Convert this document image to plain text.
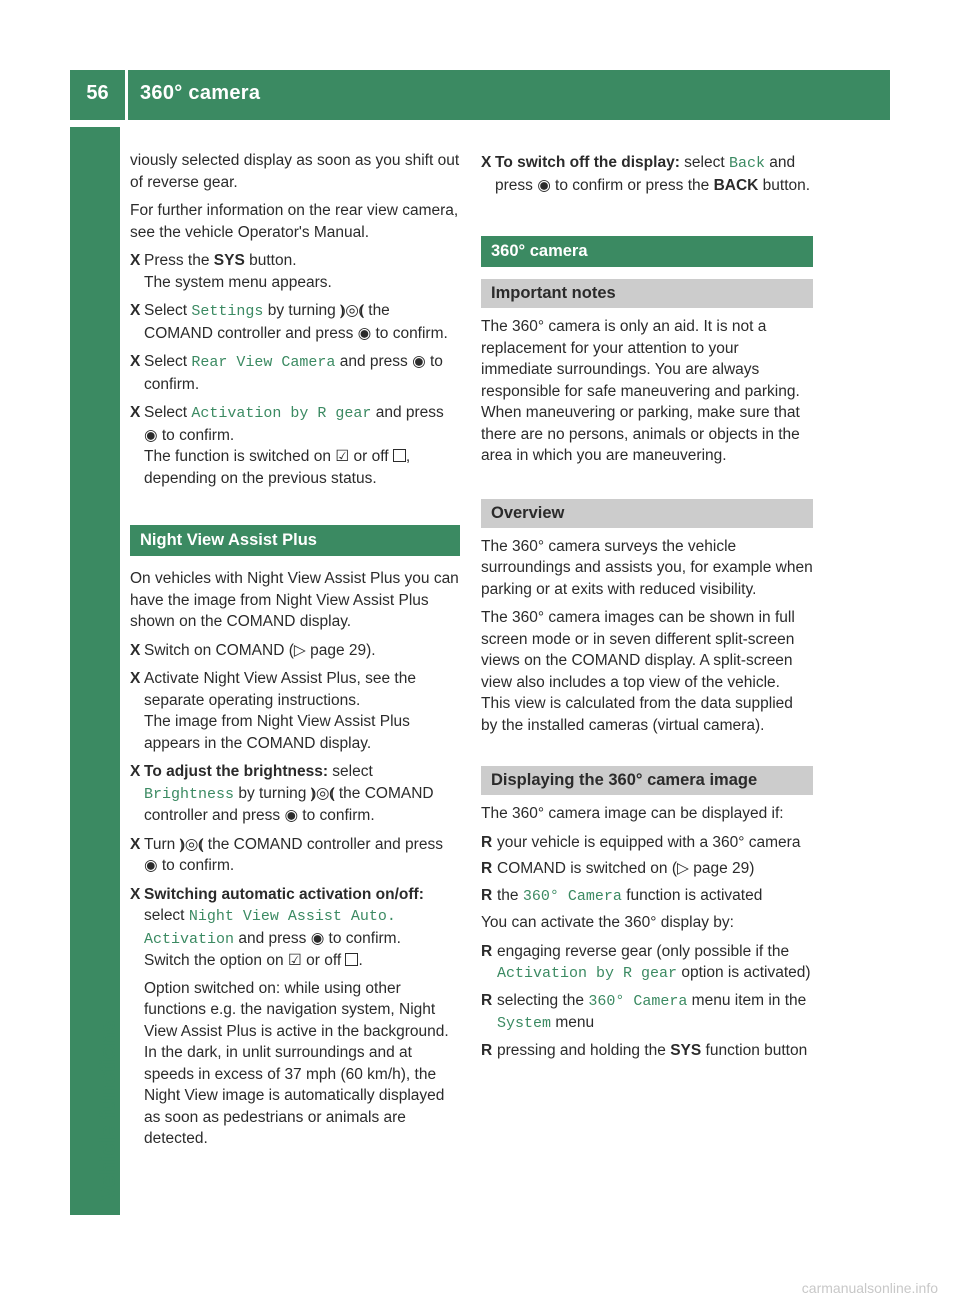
56	360° camera
Vehicle functions

viously selected display as soon as you shift out of reverse gear.

For further information on the rear view camera, see the vehicle Operator's Manual.

X Press the SYS button.
The system menu appears.
X Select Settings by turning ⦆◎⦅ the COMAND controller and press ◉ to confirm.
X Select Rear View Camera and press ◉ to confirm.
X Select Activation by R gear and press ◉ to confirm.
The function is switched on ☑ or off ,
depending on the previous status.
Night View Assist Plus

On vehicles with Night View Assist Plus you can have the image from Night View Assist Plus shown on the COMAND display.

X Switch on COMAND (▷ page 29).
X Activate Night View Assist Plus, see the separate operating instructions.
The image from Night View Assist Plus appears in the COMAND display.
X To adjust the brightness: select Brightness by turning ⦆◎⦅ the COMAND controller and press ◉ to confirm.
X Turn ⦆◎⦅ the COMAND controller and press ◉ to confirm.
X Switching automatic activation on/off:
select Night View Assist Auto. Activation and press ◉ to confirm.
Switch the option on ☑ or off .

Option switched on: while using other functions e.g. the navigation system, Night View Assist Plus is active in the background. In the dark, in unlit surroundings and at speeds in excess of 37 mph (60 km/h), the Night View image is automatically displayed as soon as pedestrians or animals are detected.

X To switch off the display: select Back and press ◉ to confirm or press the BACK button.
360° camera
Important notes

The 360° camera is only an aid. It is not a replacement for your attention to your immediate surroundings. You are always responsible for safe maneuvering and parking. When maneuvering or parking, make sure that there are no persons, animals or objects in the area in which you are maneuvering.

Overview

The 360° camera surveys the vehicle surroundings and assists you, for example when parking or at exits with reduced visibility.

The 360° camera images can be shown in full screen mode or in seven different split-screen views on the COMAND display. A split-screen view also includes a top view of the vehicle. This view is calculated from the data supplied by the installed cameras (virtual camera).

Displaying the 360° camera image

The 360° camera image can be displayed if:

R your vehicle is equipped with a 360° camera
R COMAND is switched on (▷ page 29)
R the 360° Camera function is activated

You can activate the 360° display by:

R engaging reverse gear (only possible if the Activation by R gear option is activated)
R selecting the 360° Camera menu item in the System menu
R pressing and holding the SYS function button
carmanualsonline.info
